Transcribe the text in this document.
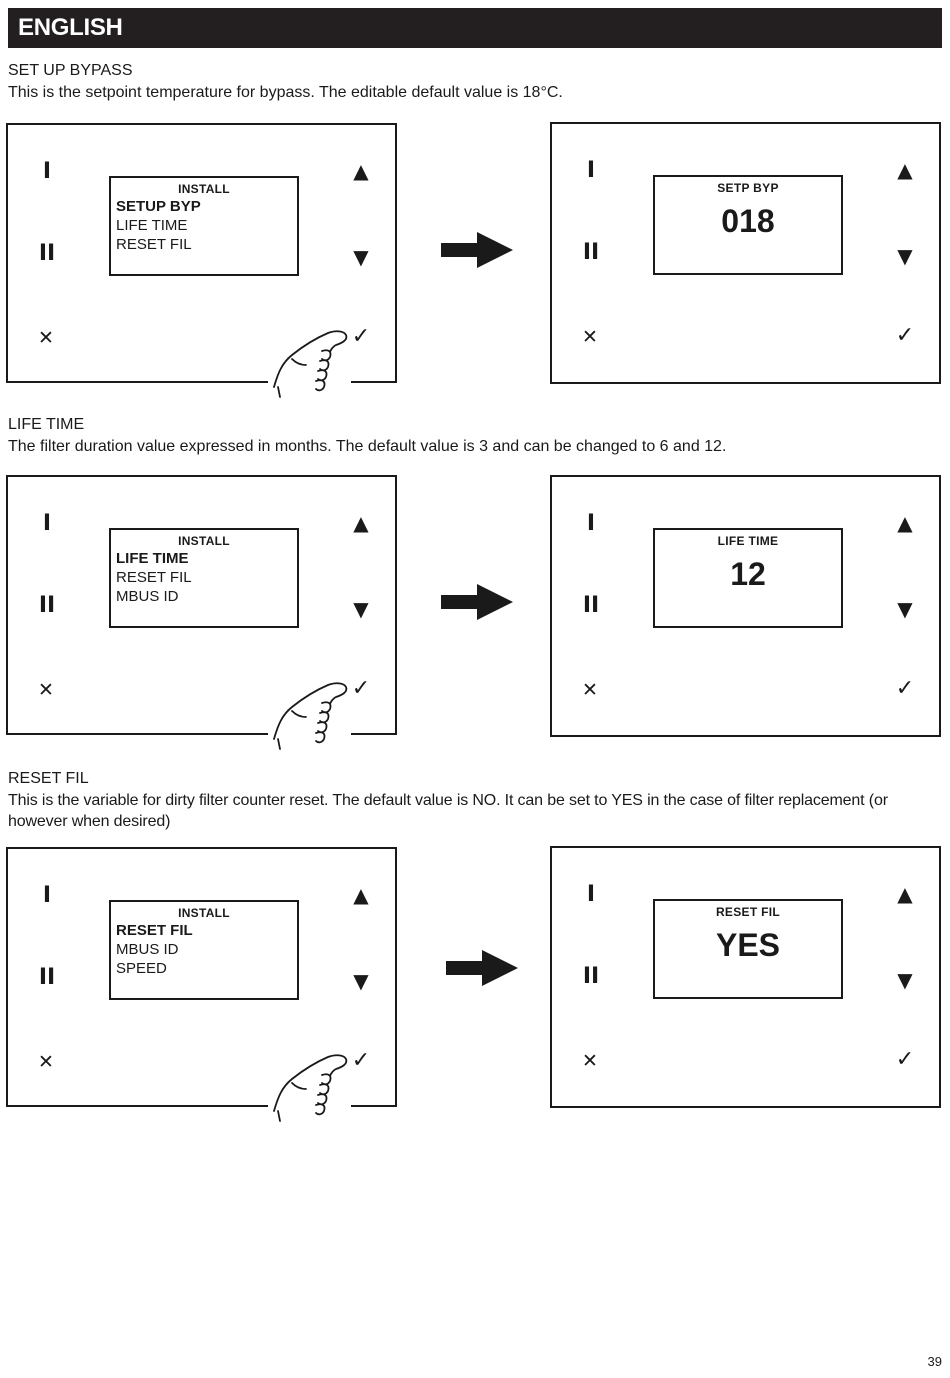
ENGLISH
SET UP BYPASS
This is the setpoint temperature for bypass. The editable default value is 18°C.
I
II
✕
▲
▼
✓
INSTALL
SETUP BYP
LIFE TIME
RESET FIL
I
II
✕
▲
▼
✓
SETP BYP
018
LIFE TIME
The filter duration value expressed in months. The default value is 3 and can be changed to 6 and 12.
I
II
✕
▲
▼
✓
INSTALL
LIFE TIME
RESET FIL
MBUS ID
I
II
✕
▲
▼
✓
LIFE TIME
12
RESET FIL
This is the variable for dirty filter counter reset. The default value is NO. It can be set to YES in the case of filter replacement (or however when desired)
I
II
✕
▲
▼
✓
INSTALL
RESET FIL
MBUS ID
SPEED
I
II
✕
▲
▼
✓
RESET FIL
YES
39
